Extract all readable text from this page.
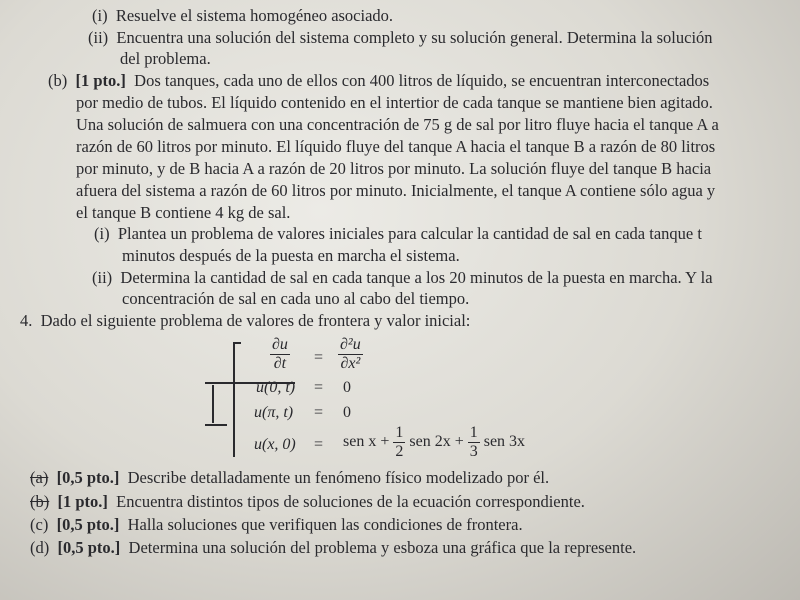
(i) Resuelve el sistema homogéneo asociado.
(ii) Encuentra una solución del sistema completo y su solución general. Determina la solución
del problema.
(b) [1 pto.] Dos tanques, cada uno de ellos con 400 litros de líquido, se encuentran interconectados
por medio de tubos. El líquido contenido en el intertior de cada tanque se mantiene bien agitado.
Una solución de salmuera con una concentración de 75 g de sal por litro fluye hacia el tanque A a
razón de 60 litros por minuto. El líquido fluye del tanque A hacia el tanque B a razón de 80 litros
por minuto, y de B hacia A a razón de 20 litros por minuto. La solución fluye del tanque B hacia
afuera del sistema a razón de 60 litros por minuto. Inicialmente, el tanque A contiene sólo agua y
el tanque B contiene 4 kg de sal.
(i) Plantea un problema de valores iniciales para calcular la cantidad de sal en cada tanque t
minutos después de la puesta en marcha el sistema.
(ii) Determina la cantidad de sal en cada tanque a los 20 minutos de la puesta en marcha. Y la
concentración de sal en cada uno al cabo del tiempo.
4. Dado el siguiente problema de valores de frontera y valor inicial:
$\frac{\partial u}{\partial t} = \frac{\text{∂²u}}{\text{∂x²}}$
u(0, t) = 0
u(π, t) = 0
u(x, 0) = sen $x + \frac{1}{2}$ sen $2x + \frac{1}{3}$ sen 3x
(a) [0,5 pto.] Describe detalladamente un fenómeno físico modelizado por él.
(b) [1 pto.] Encuentra distintos tipos de soluciones de la ecuación correspondiente.
(c) [0,5 pto.] Halla soluciones que verifiquen las condiciones de frontera.
(d) [0,5 pto.] Determina una solución del problema y esboza una gráfica que la represente.
